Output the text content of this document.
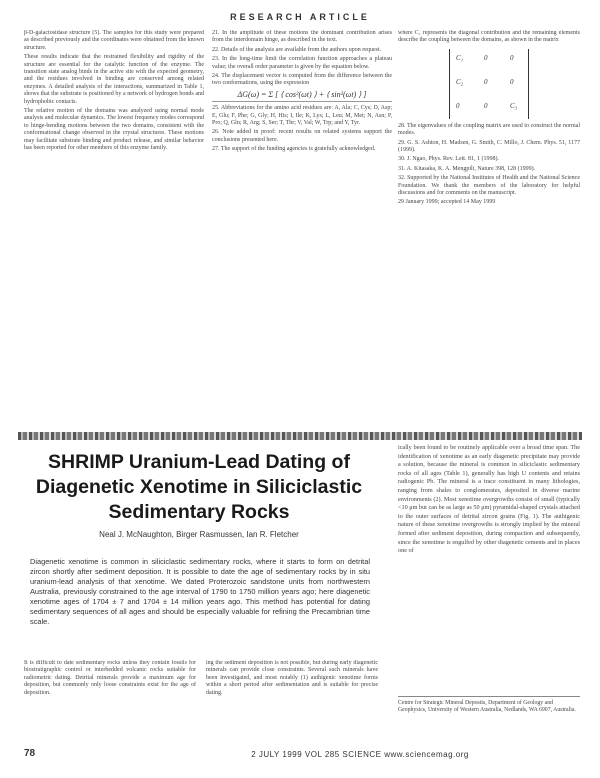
RESEARCH ARTICLE

β-D-galactosidase structure [5]. The samples for this study were prepared as described previously and the coordinates were obtained from the known structure.

These results indicate that the restrained flexibility and rigidity of the structure are essential for the catalytic function of the enzyme. The transition state analog binds in the active site with the expected geometry, and the residues involved in binding are conserved among related enzymes. A detailed analysis of the interactions, summarized in Table 1, shows that the substrate is positioned by a network of hydrogen bonds and hydrophobic contacts.

The relative motion of the domains was analyzed using normal mode analysis and molecular dynamics. The lowest frequency modes correspond to hinge-bending motions between the two domains, consistent with the conformational change observed in the crystal structures. These motions may facilitate substrate binding and product release, and similar behavior has been reported for other members of this enzyme family.

21. In the amplitude of these motions the dominant contribution arises from the interdomain hinge, as described in the text.

22. Details of the analysis are available from the authors upon request.

23. In the long-time limit the correlation function approaches a plateau value; the overall order parameter is given by the equation below.

24. The displacement vector is computed from the difference between the two conformations, using the expression

ΔG(ω) = Σ [ ⟨ cos²(ωt) ⟩ + ⟨ sin²(ωt) ⟩ ]

25. Abbreviations for the amino acid residues are: A, Ala; C, Cys; D, Asp; E, Glu; F, Phe; G, Gly; H, His; I, Ile; K, Lys; L, Leu; M, Met; N, Asn; P, Pro; Q, Gln; R, Arg; S, Ser; T, Thr; V, Val; W, Trp; and Y, Tyr.

26. Note added in proof: recent results on related systems support the conclusions presented here.

27. The support of the funding agencies is gratefully acknowledged.

where C₁ represents the diagonal contribution and the remaining elements describe the coupling between the domains, as shown in the matrix

C₁	0	0
C₂	0	0
0	0	C₃

28. The eigenvalues of the coupling matrix are used to construct the normal modes.

29. G. S. Ashton, H. Madsen, G. Smith, C. Millo, J. Chem. Phys. 51, 1177 (1999).

30. J. Ngao, Phys. Rev. Lett. 81, 1 (1998).

31. A. Kitasaka, K. A. Mengpili, Nature 398, 128 (1999).

32. Supported by the National Institutes of Health and the National Science Foundation. We thank the members of the laboratory for helpful discussions and for comments on the manuscript.

29 January 1999; accepted 14 May 1999

SHRIMP Uranium-Lead Dating of Diagenetic Xenotime in Siliciclastic Sedimentary Rocks
Neal J. McNaughton, Birger Rasmussen, Ian R. Fletcher
Diagenetic xenotime is common in siliciclastic sedimentary rocks, where it starts to form on detrital zircon shortly after sediment deposition. It is possible to date the age of sedimentary rocks by in situ uranium-lead analysis of that xenotime. We dated Proterozoic sandstone units from northwestern Australia, previously constrained to the age interval of 1790 to 1750 million years ago; here diagenetic xenotime ages of 1704 ± 7 and 1704 ± 14 million years ago. This method has potential for dating sedimentary sequences of all ages and should be especially valuable for refining the Precambrian time scale.
It is difficult to date sedimentary rocks unless they contain fossils for biostratigraphic control or interbedded volcanic rocks suitable for radiometric dating. Detrital minerals provide a maximum age for deposition, but commonly only loose constraints exist for the age of deposition.
ing the sediment deposition is not possible, but during early diagenetic minerals can provide close constraints. Several such minerals have been investigated, and most notably (1) authigenic xenotime forms within a short period after sedimentation and is suitable for precise dating.
ically been found to be routinely applicable over a broad time span. The identification of xenotime as an early diagenetic precipitate may provide a solution, because the mineral is common in siliciclastic sedimentary rocks of all ages (Table 1), generally has high U contents and retains radiogenic Pb. The mineral is a trace constituent in many lithologies, ranging from shales to conglomerates, deposited in diverse marine environments (2). Most xenotime overgrowths consist of small (typically <10 μm but can be as large as 50 μm) pyramidal-shaped crystals attached to the outer surfaces of detrital zircon grains (Fig. 1). The authigenic nature of these xenotime overgrowths is strongly implied by the mineral formed after sediment deposition, during compaction and subsequently, since the xenotime is engulfed by other diagenetic cements and in places one of
Centre for Strategic Mineral Deposits, Department of Geology and Geophysics, University of Western Australia, Nedlands, WA 6907, Australia.
78	2 JULY 1999 VOL 285 SCIENCE www.sciencemag.org
